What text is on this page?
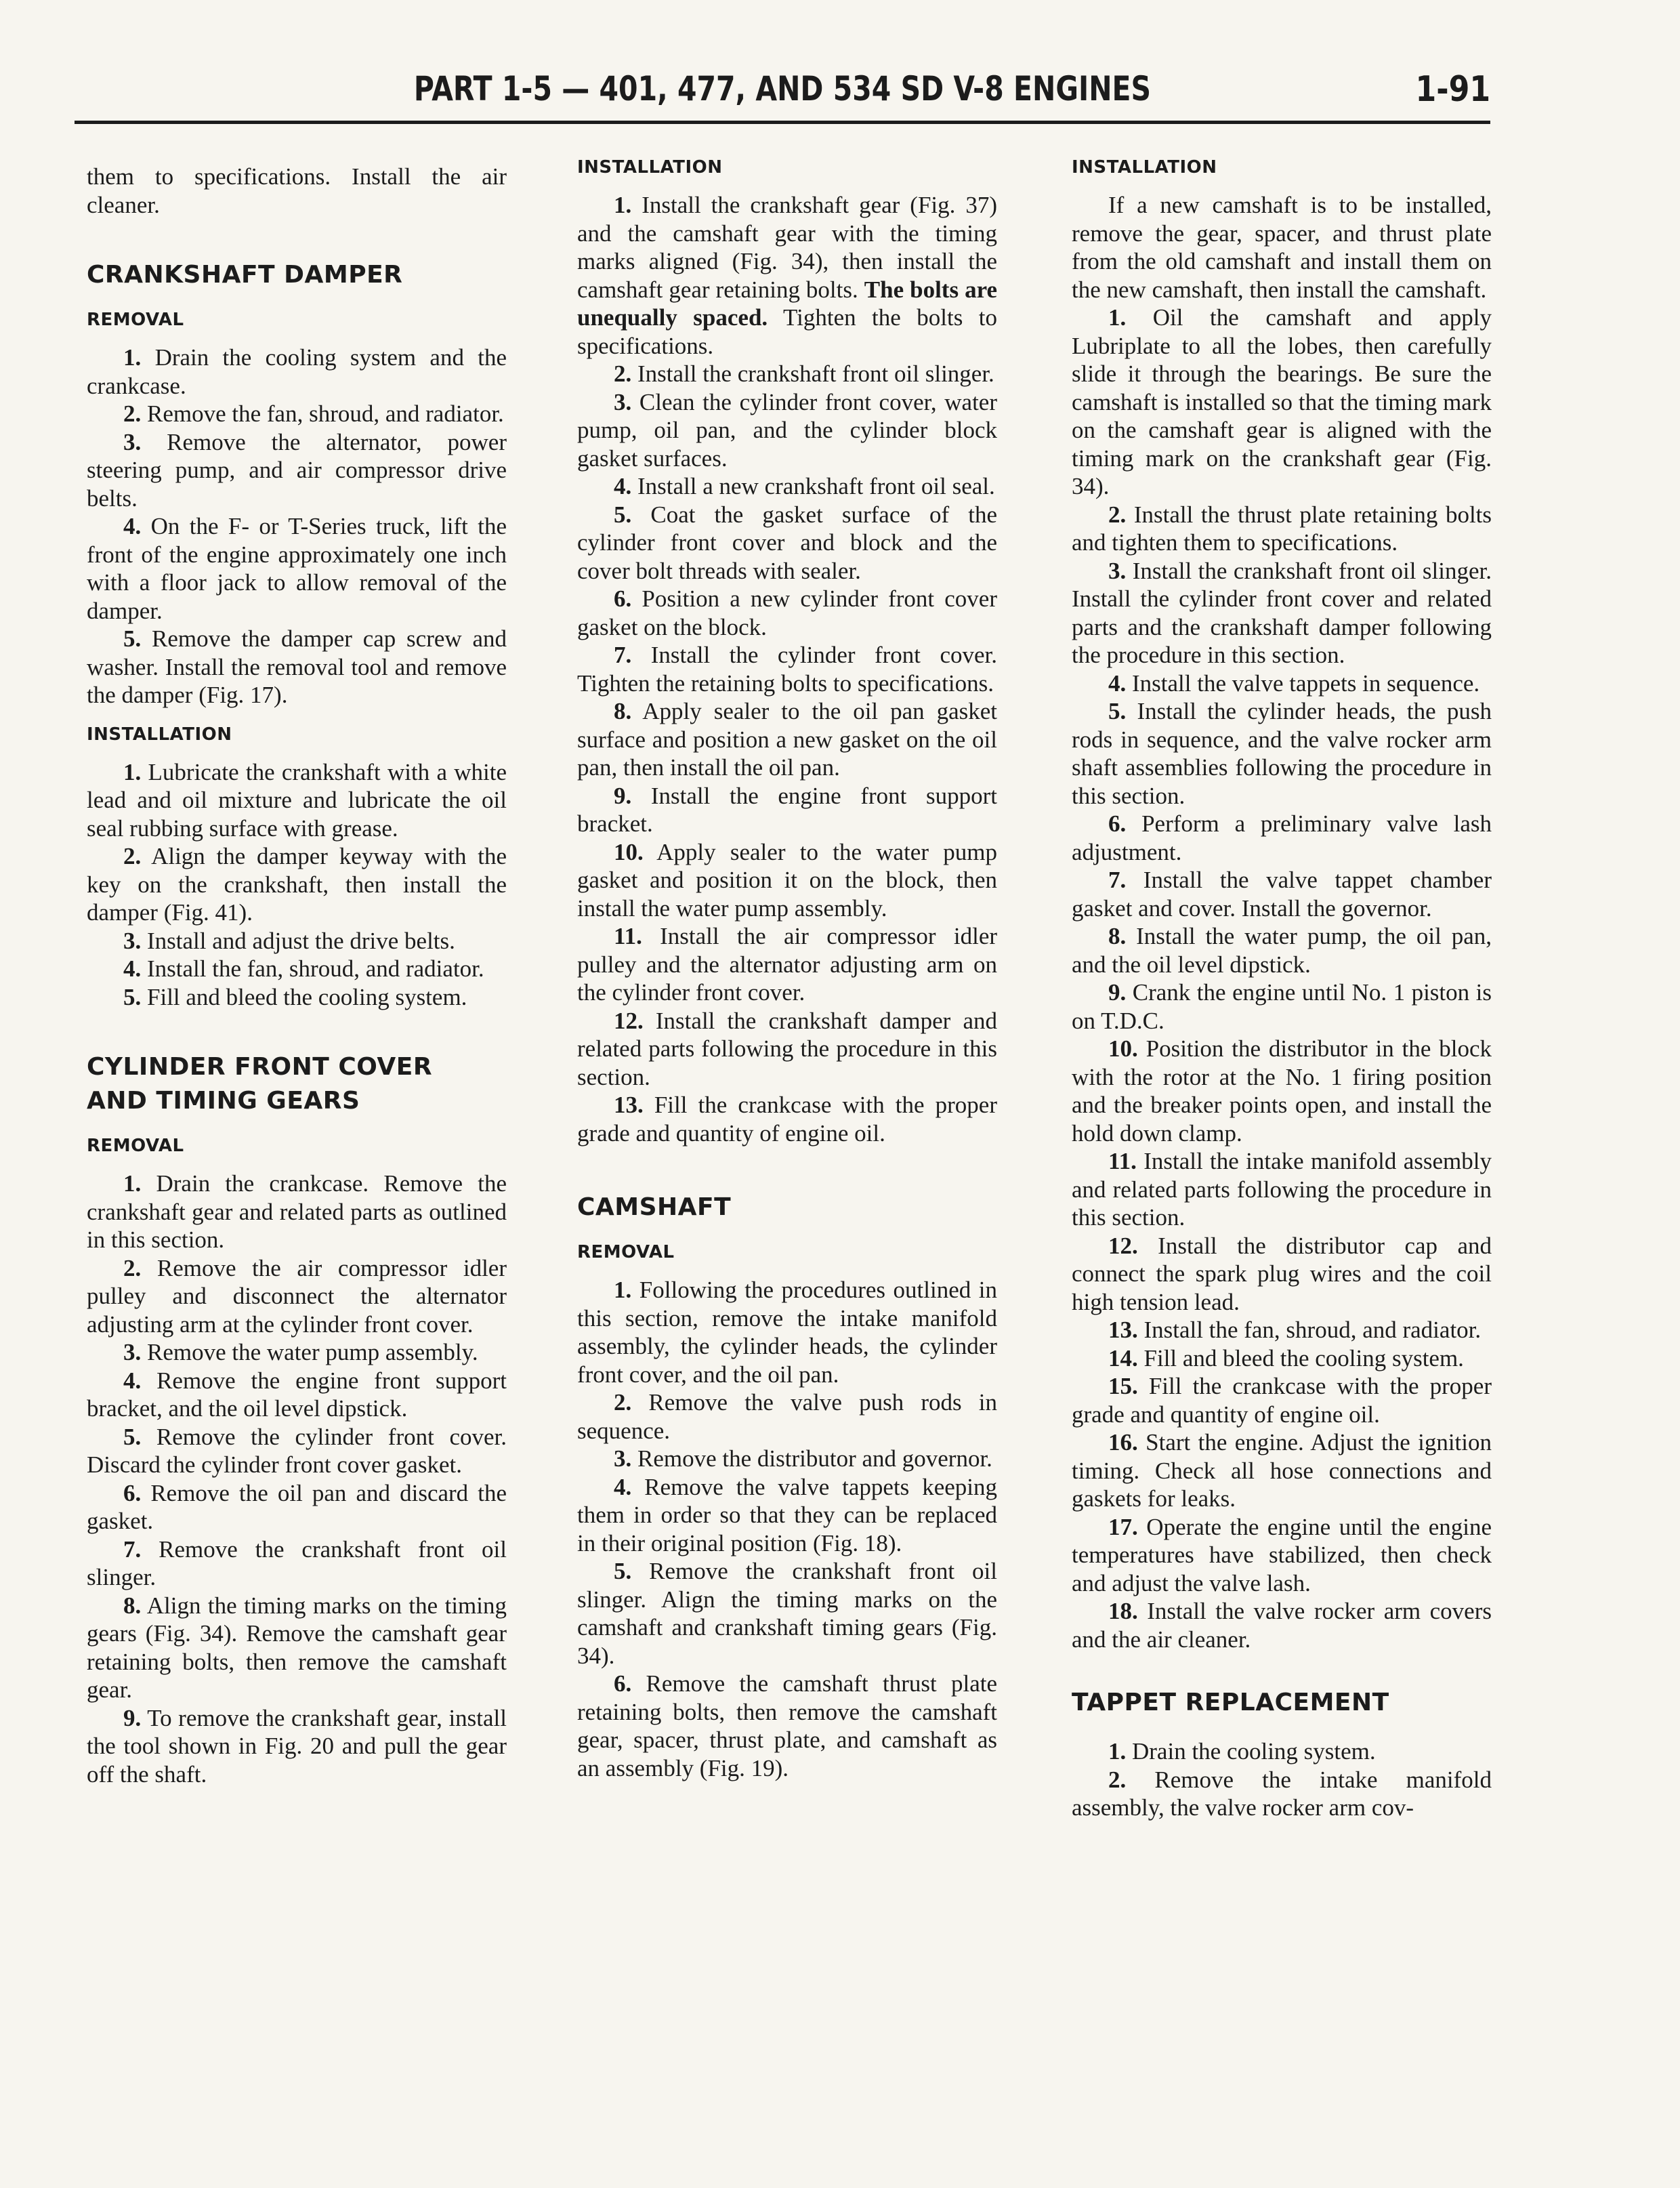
PART 1-5 — 401, 477, AND 534 SD V-8 ENGINES	1-91

them to specifications. Install the air cleaner.

CRANKSHAFT DAMPER
REMOVAL

1. Drain the cooling system and the crankcase.

2. Remove the fan, shroud, and radiator.

3. Remove the alternator, power steering pump, and air compressor drive belts.

4. On the F- or T-Series truck, lift the front of the engine approximately one inch with a floor jack to allow removal of the damper.

5. Remove the damper cap screw and washer. Install the removal tool and remove the damper (Fig. 17).

INSTALLATION

1. Lubricate the crankshaft with a white lead and oil mixture and lubricate the oil seal rubbing surface with grease.

2. Align the damper keyway with the key on the crankshaft, then install the damper (Fig. 41).

3. Install and adjust the drive belts.

4. Install the fan, shroud, and radiator.

5. Fill and bleed the cooling system.

CYLINDER FRONT COVER
AND TIMING GEARS
REMOVAL

1. Drain the crankcase. Remove the crankshaft gear and related parts as outlined in this section.

2. Remove the air compressor idler pulley and disconnect the alternator adjusting arm at the cylinder front cover.

3. Remove the water pump assembly.

4. Remove the engine front support bracket, and the oil level dipstick.

5. Remove the cylinder front cover. Discard the cylinder front cover gasket.

6. Remove the oil pan and discard the gasket.

7. Remove the crankshaft front oil slinger.

8. Align the timing marks on the timing gears (Fig. 34). Remove the camshaft gear retaining bolts, then remove the camshaft gear.

9. To remove the crankshaft gear, install the tool shown in Fig. 20 and pull the gear off the shaft.

INSTALLATION

1. Install the crankshaft gear (Fig. 37) and the camshaft gear with the timing marks aligned (Fig. 34), then install the camshaft gear retaining bolts. The bolts are unequally spaced. Tighten the bolts to specifications.

2. Install the crankshaft front oil slinger.

3. Clean the cylinder front cover, water pump, oil pan, and the cylinder block gasket surfaces.

4. Install a new crankshaft front oil seal.

5. Coat the gasket surface of the cylinder front cover and block and the cover bolt threads with sealer.

6. Position a new cylinder front cover gasket on the block.

7. Install the cylinder front cover. Tighten the retaining bolts to specifications.

8. Apply sealer to the oil pan gasket surface and position a new gasket on the oil pan, then install the oil pan.

9. Install the engine front support bracket.

10. Apply sealer to the water pump gasket and position it on the block, then install the water pump assembly.

11. Install the air compressor idler pulley and the alternator adjusting arm on the cylinder front cover.

12. Install the crankshaft damper and related parts following the procedure in this section.

13. Fill the crankcase with the proper grade and quantity of engine oil.

CAMSHAFT
REMOVAL

1. Following the procedures outlined in this section, remove the intake manifold assembly, the cylinder heads, the cylinder front cover, and the oil pan.

2. Remove the valve push rods in sequence.

3. Remove the distributor and governor.

4. Remove the valve tappets keeping them in order so that they can be replaced in their original position (Fig. 18).

5. Remove the crankshaft front oil slinger. Align the timing marks on the camshaft and crankshaft timing gears (Fig. 34).

6. Remove the camshaft thrust plate retaining bolts, then remove the camshaft gear, spacer, thrust plate, and camshaft as an assembly (Fig. 19).

INSTALLATION

If a new camshaft is to be installed, remove the gear, spacer, and thrust plate from the old camshaft and install them on the new camshaft, then install the camshaft.

1. Oil the camshaft and apply Lubriplate to all the lobes, then carefully slide it through the bearings. Be sure the camshaft is installed so that the timing mark on the camshaft gear is aligned with the timing mark on the crankshaft gear (Fig. 34).

2. Install the thrust plate retaining bolts and tighten them to specifications.

3. Install the crankshaft front oil slinger. Install the cylinder front cover and related parts and the crankshaft damper following the procedure in this section.

4. Install the valve tappets in sequence.

5. Install the cylinder heads, the push rods in sequence, and the valve rocker arm shaft assemblies following the procedure in this section.

6. Perform a preliminary valve lash adjustment.

7. Install the valve tappet chamber gasket and cover. Install the governor.

8. Install the water pump, the oil pan, and the oil level dipstick.

9. Crank the engine until No. 1 piston is on T.D.C.

10. Position the distributor in the block with the rotor at the No. 1 firing position and the breaker points open, and install the hold down clamp.

11. Install the intake manifold assembly and related parts following the procedure in this section.

12. Install the distributor cap and connect the spark plug wires and the coil high tension lead.

13. Install the fan, shroud, and radiator.

14. Fill and bleed the cooling system.

15. Fill the crankcase with the proper grade and quantity of engine oil.

16. Start the engine. Adjust the ignition timing. Check all hose connections and gaskets for leaks.

17. Operate the engine until the engine temperatures have stabilized, then check and adjust the valve lash.

18. Install the valve rocker arm covers and the air cleaner.

TAPPET REPLACEMENT

1. Drain the cooling system.

2. Remove the intake manifold assembly, the valve rocker arm cov-
